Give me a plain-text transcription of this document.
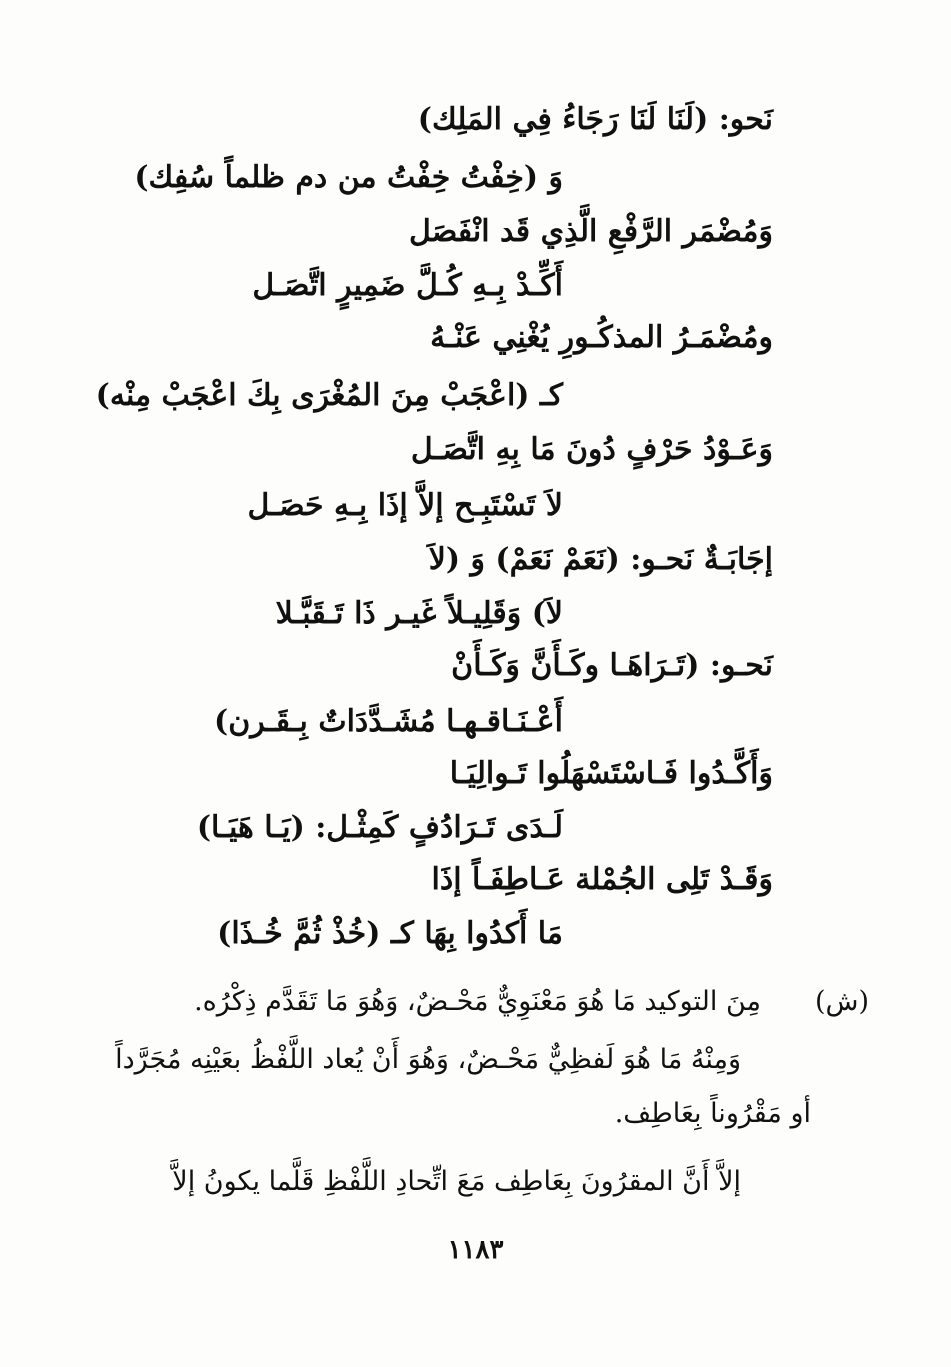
نَحو: (لَنَا لَنَا رَجَاءُ فِي المَلِك)
وَ (خِفْتُ خِفْتُ من دم ظلماً سُفِك)
وَمُضْمَر الرَّفْعِ الَّذِي قَد انْفَصَل
أَكِّـدْ بِـهِ كُـلَّ ضَمِيرٍ اتَّصَـل
ومُضْمَـرُ المذكُـورِ يُغْنِي عَنْـهُ
كـ (اعْجَبْ مِنَ المُغْرَى بِكَ اعْجَبْ مِنْه)
وَعَـوْدُ حَرْفٍ دُونَ مَا بِهِ اتَّصَـل
لاَ تَسْتَبِـح إلاَّ إذَا بِـهِ حَصَـل
إجَابَـةٌ نَحـو: (نَعَمْ نَعَمْ) وَ (لاَ
لاَ) وَقَلِيـلاً غَيـر ذَا تَـقَبَّـلا
نَحـو: (تَـرَاهَـا وكَـأَنَّ وَكَـأَنْ
أَعْـنَـاقـهـا مُشَـدَّدَاتٌ بِـقَـرن)
وَأَكَّـدُوا فَـاسْتَسْهَلُوا تَـوالِيَـا
لَـدَى تَـرَادُفٍ كَمِثْـل: (يَـا هَيَـا)
وَقَـدْ تَلِى الجُمْلة عَـاطِفَـاً إذَا
مَا أَكدُوا بِهَا كـ (خُذْ ثُمَّ خُـذَا)
(ش)
مِنَ التوكيد مَا هُوَ مَعْنَوِيٌّ مَحْـضٌ، وَهُوَ مَا تَقَدَّم ذِكْرُه.
وَمِنْهُ مَا هُوَ لَفظِيٌّ مَحْـضٌ، وَهُوَ أَنْ يُعاد اللَّفْظُ بعَيْنِه مُجَرَّداً
أو مَقْرُوناً بِعَاطِف.
إلاَّ أَنَّ المقرُونَ بِعَاطِف مَعَ اتِّحادِ اللَّفْظِ قَلَّما يكونُ إلاَّ
١١٨٣
